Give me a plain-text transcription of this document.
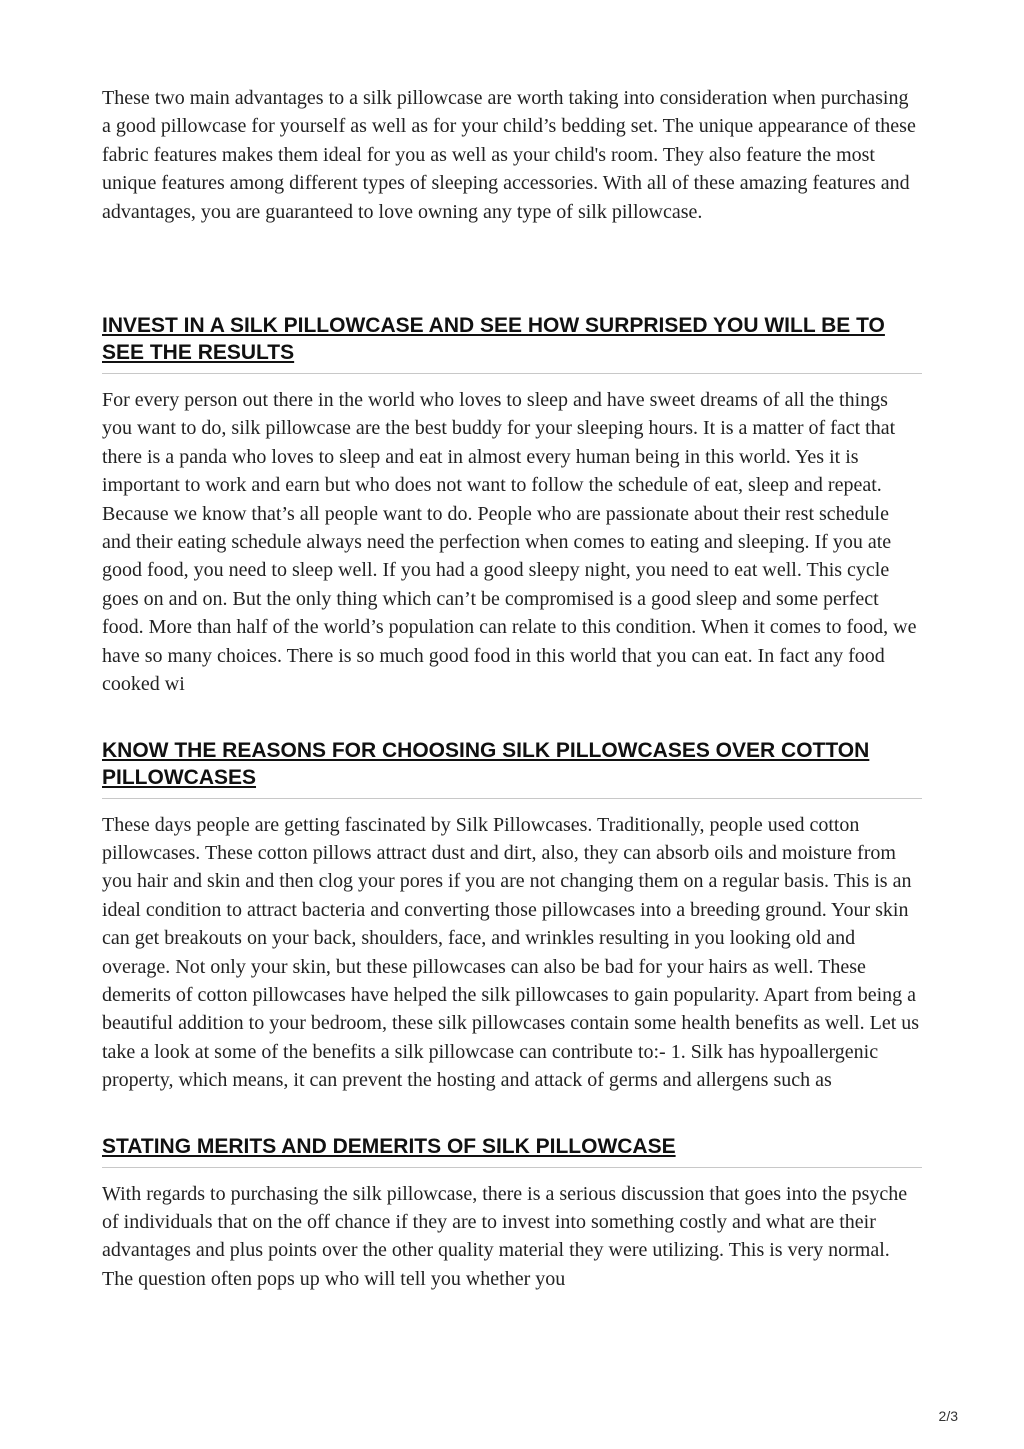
These two main advantages to a silk pillowcase are worth taking into consideration when purchasing a good pillowcase for yourself as well as for your child’s bedding set. The unique appearance of these fabric features makes them ideal for you as well as your child's room. They also feature the most unique features among different types of sleeping accessories. With all of these amazing features and advantages, you are guaranteed to love owning any type of silk pillowcase.

INVEST IN A SILK PILLOWCASE AND SEE HOW SURPRISED YOU WILL BE TO SEE THE RESULTS

For every person out there in the world who loves to sleep and have sweet dreams of all the things you want to do, silk pillowcase are the best buddy for your sleeping hours. It is a matter of fact that there is a panda who loves to sleep and eat in almost every human being in this world. Yes it is important to work and earn but who does not want to follow the schedule of eat, sleep and repeat. Because we know that’s all people want to do. People who are passionate about their rest schedule and their eating schedule always need the perfection when comes to eating and sleeping. If you ate good food, you need to sleep well. If you had a good sleepy night, you need to eat well. This cycle goes on and on. But the only thing which can’t be compromised is a good sleep and some perfect food. More than half of the world’s population can relate to this condition. When it comes to food, we have so many choices. There is so much good food in this world that you can eat. In fact any food cooked wi

KNOW THE REASONS FOR CHOOSING SILK PILLOWCASES OVER COTTON PILLOWCASES

These days people are getting fascinated by Silk Pillowcases. Traditionally, people used cotton pillowcases. These cotton pillows attract dust and dirt, also, they can absorb oils and moisture from you hair and skin and then clog your pores if you are not changing them on a regular basis. This is an ideal condition to attract bacteria and converting those pillowcases into a breeding ground. Your skin can get breakouts on your back, shoulders, face, and wrinkles resulting in you looking old and overage. Not only your skin, but these pillowcases can also be bad for your hairs as well. These demerits of cotton pillowcases have helped the silk pillowcases to gain popularity. Apart from being a beautiful addition to your bedroom, these silk pillowcases contain some health benefits as well. Let us take a look at some of the benefits a silk pillowcase can contribute to:- 1. Silk has hypoallergenic property, which means, it can prevent the hosting and attack of germs and allergens such as

STATING MERITS AND DEMERITS OF SILK PILLOWCASE

With regards to purchasing the silk pillowcase, there is a serious discussion that goes into the psyche of individuals that on the off chance if they are to invest into something costly and what are their advantages and plus points over the other quality material they were utilizing. This is very normal. The question often pops up who will tell you whether you

2/3
